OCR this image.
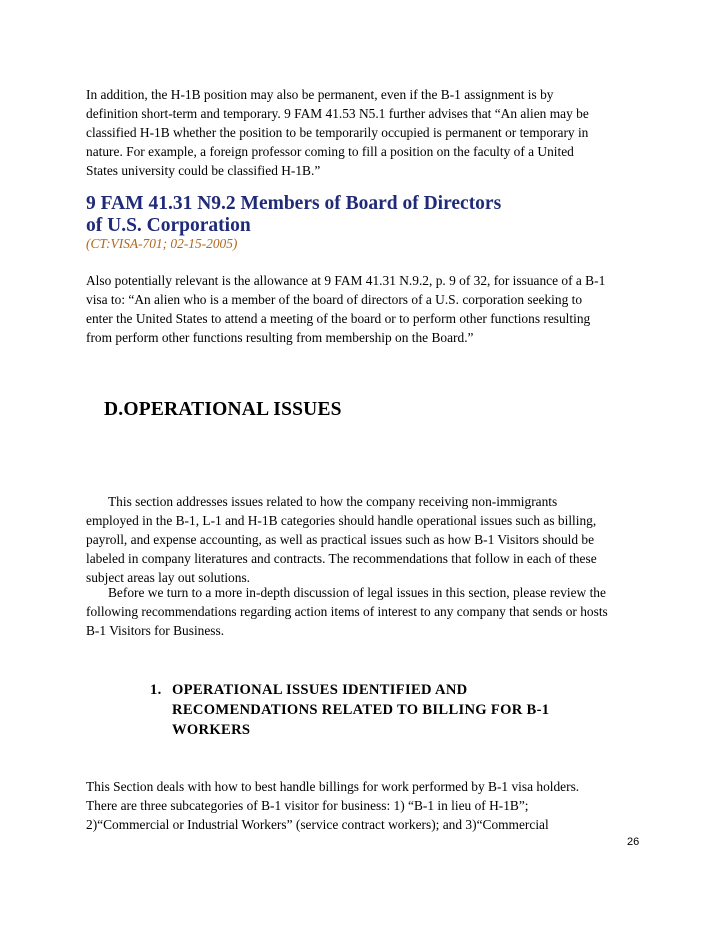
In addition, the H-1B position may also be permanent, even if the B-1 assignment is by
definition short-term and temporary. 9 FAM 41.53 N5.1 further advises that “An alien may be
classified H-1B whether the position to be temporarily occupied is permanent or temporary in
nature. For example, a foreign professor coming to fill a position on the faculty of a United
States university could be classified H-1B.”

9 FAM 41.31 N9.2 Members of Board of Directors
of U.S. Corporation
(CT:VISA-701; 02-15-2005)

Also potentially relevant is the allowance at 9 FAM 41.31 N.9.2, p. 9 of 32, for issuance of a B-1
visa to: “An alien who is a member of the board of directors of a U.S. corporation seeking to
enter the United States to attend a meeting of the board or to perform other functions resulting
from perform other functions resulting from membership on the Board.”

D.OPERATIONAL ISSUES

This section addresses issues related to how the company receiving non-immigrants
employed in the B-1, L-1 and H-1B categories should handle operational issues such as billing,
payroll, and expense accounting, as well as practical issues such as how B-1 Visitors should be
labeled in company literatures and contracts. The recommendations that follow in each of these
subject areas lay out solutions.

Before we turn to a more in-depth discussion of legal issues in this section, please review the
following recommendations regarding action items of interest to any company that sends or hosts
B-1 Visitors for Business.

1. OPERATIONAL ISSUES IDENTIFIED AND
RECOMENDATIONS RELATED TO BILLING FOR B-1
WORKERS

This Section deals with how to best handle billings for work performed by B-1 visa holders.
There are three subcategories of B-1 visitor for business: 1) “B-1 in lieu of H-1B”;
2)“Commercial or Industrial Workers” (service contract workers); and 3)“Commercial

26
